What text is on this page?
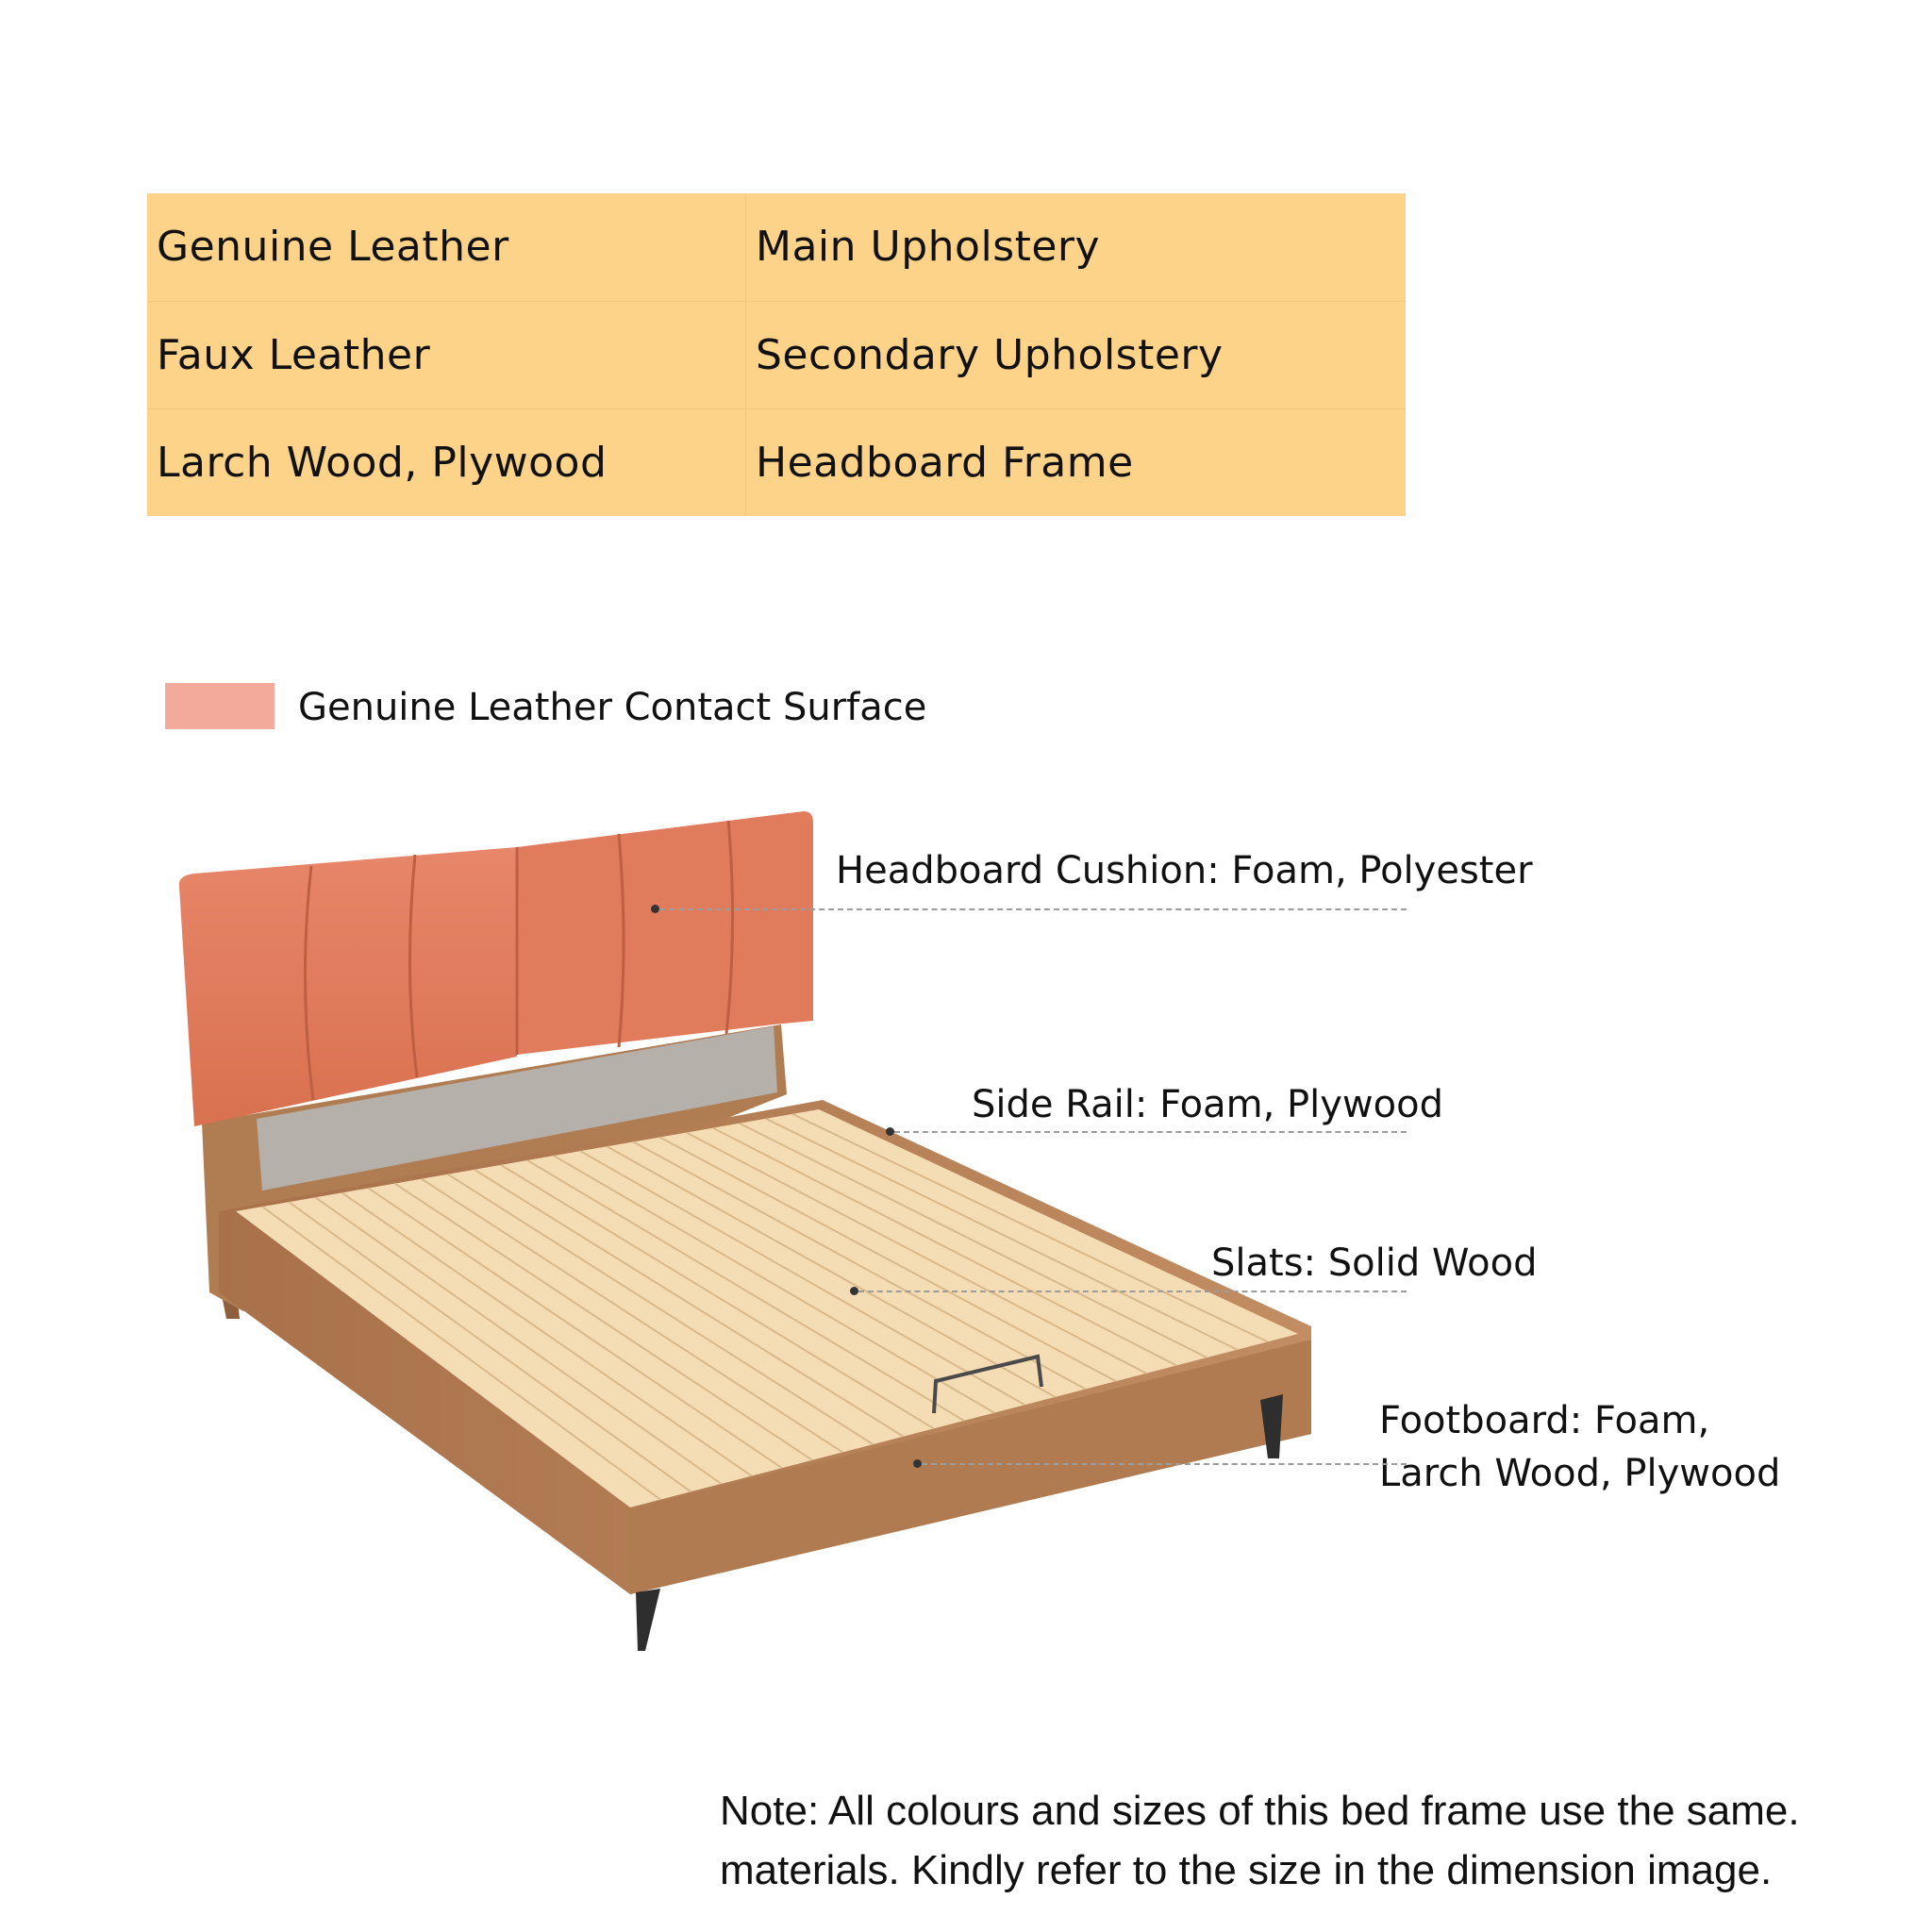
Genuine Leather	Main Upholstery
Faux Leather	Secondary Upholstery
Larch Wood, Plywood	Headboard Frame
Genuine Leather Contact Surface
Headboard Cushion: Foam, Polyester
Side Rail: Foam, Plywood
Slats: Solid Wood
Footboard: Foam,
Larch Wood, Plywood
Note: All colours and sizes of this bed frame use the same.
materials. Kindly refer to the size in the dimension image.
